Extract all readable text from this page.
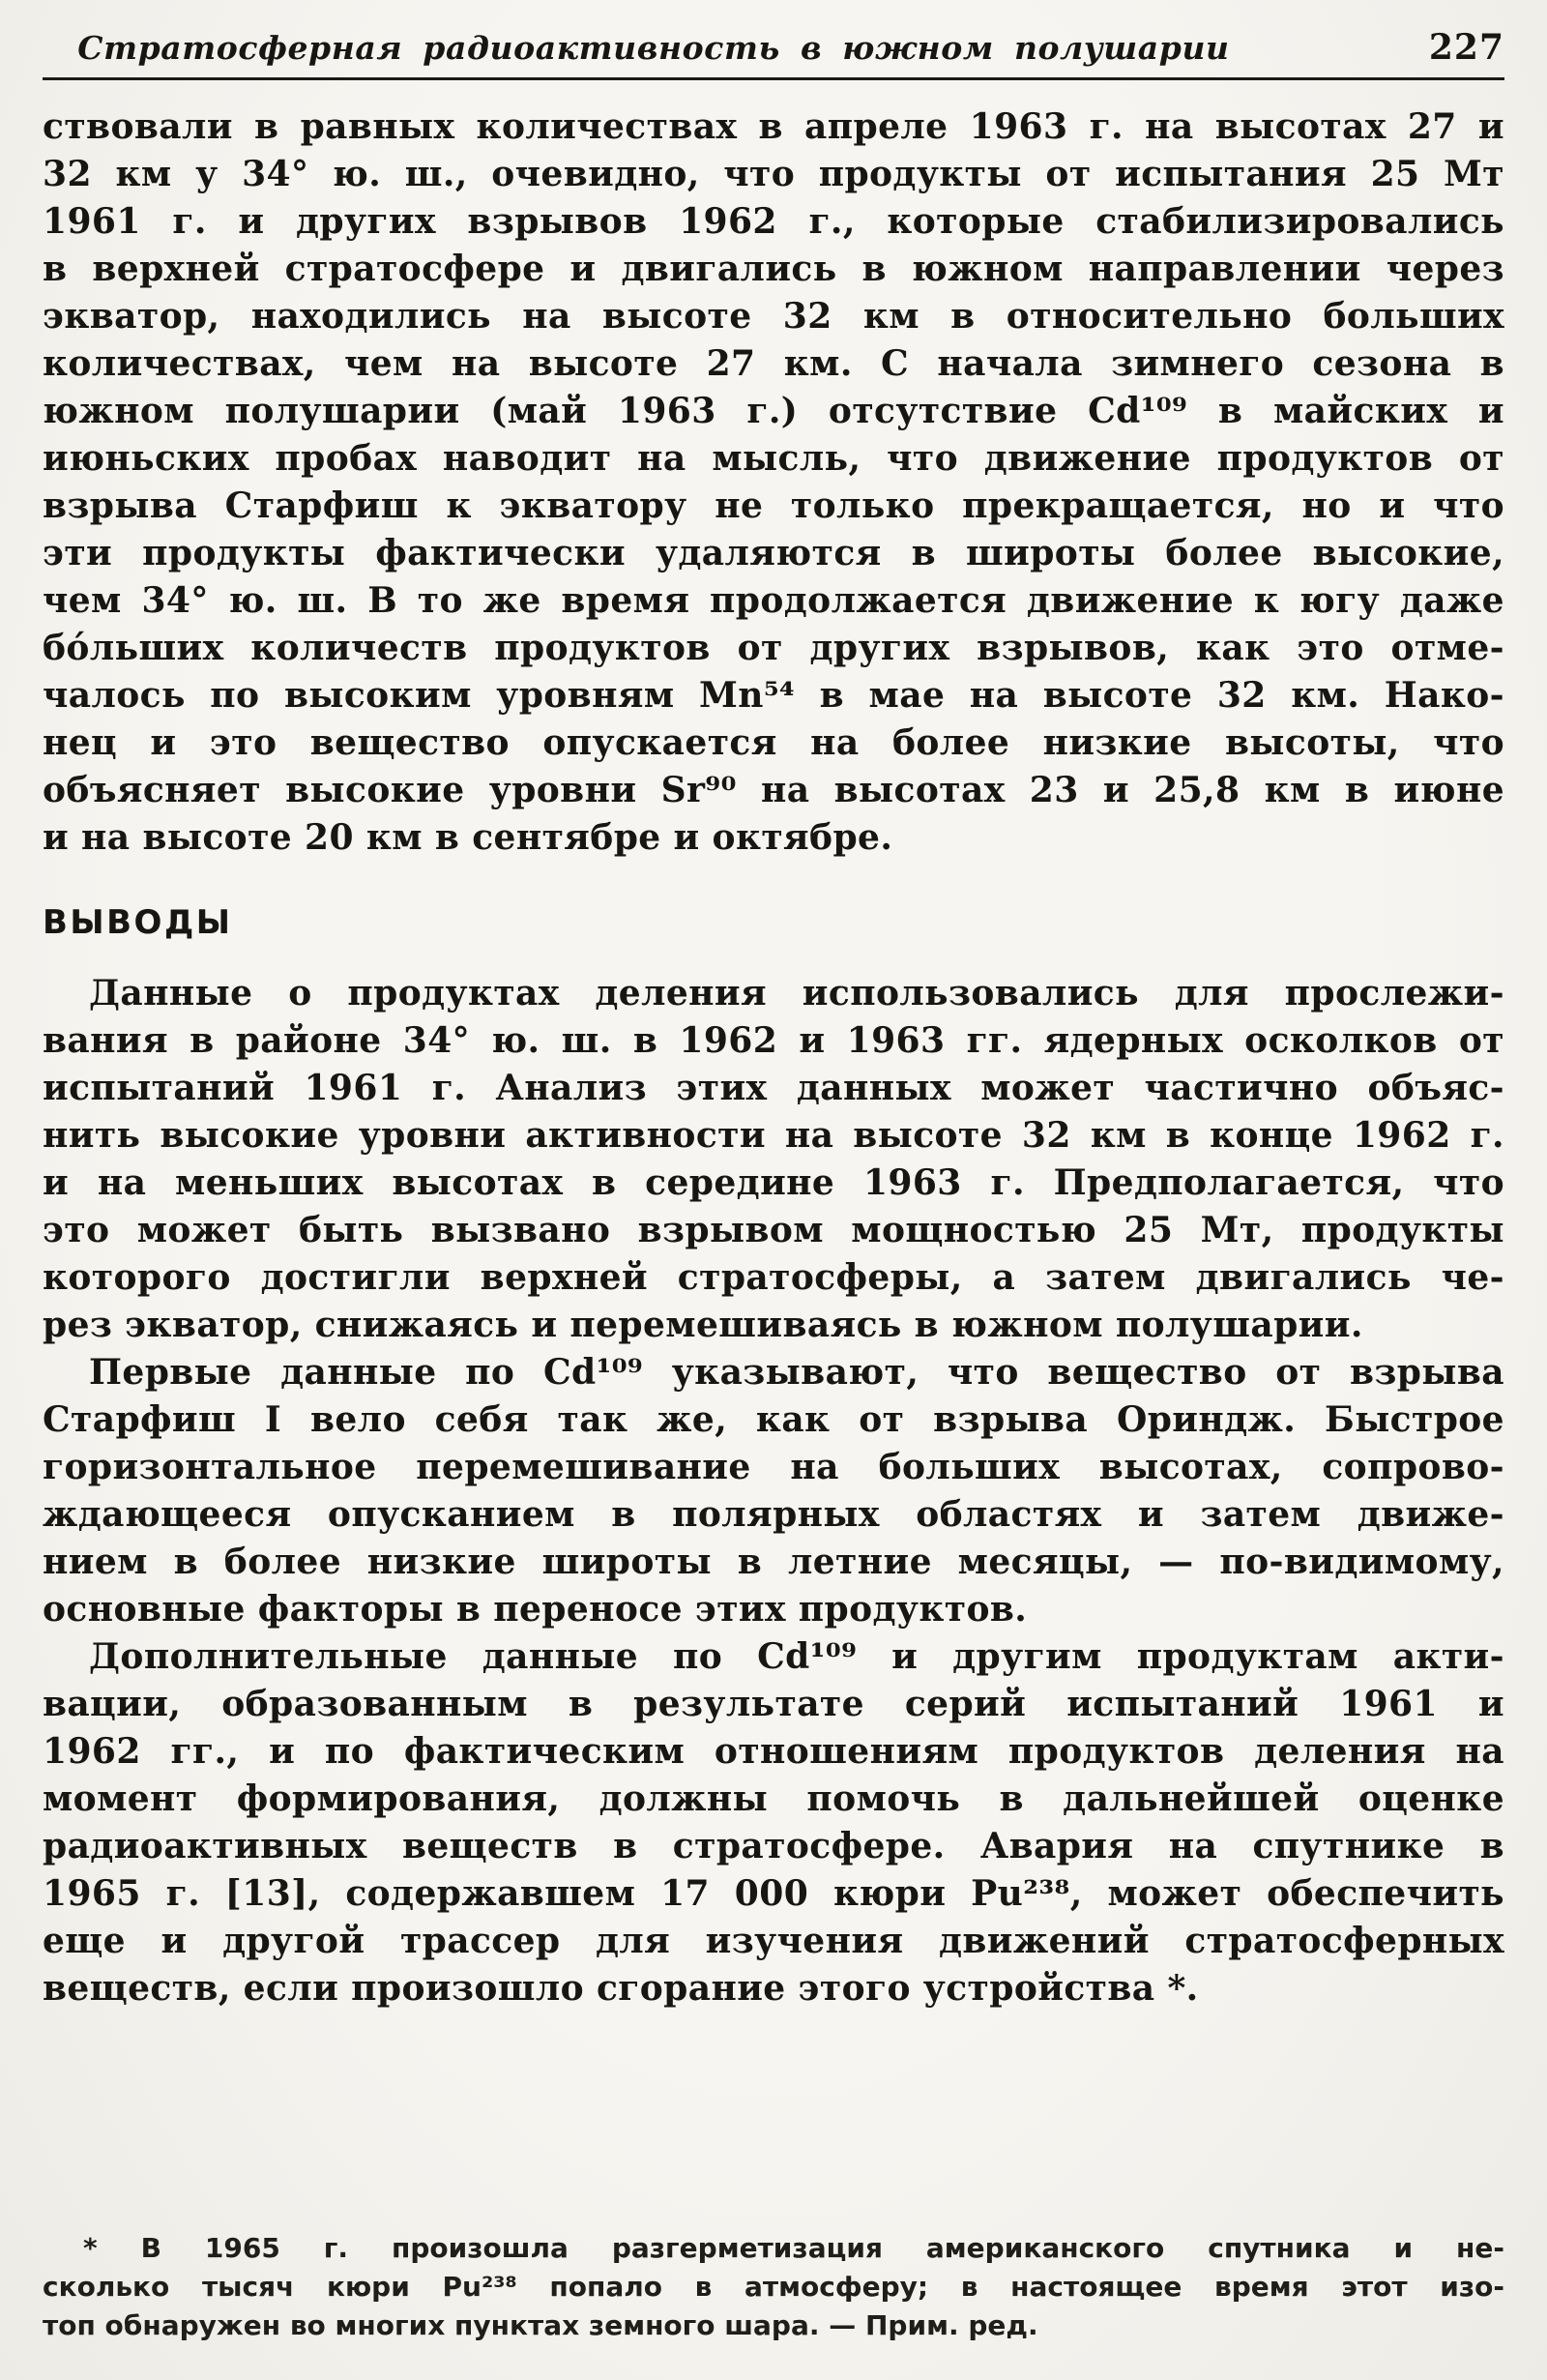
Стратосферная радиоактивность в южном полушарии	227
ствовали в равных количествах в апреле 1963 г. на высотах 27 и
32 км у 34° ю. ш., очевидно, что продукты от испытания 25 Мт
1961 г. и других взрывов 1962 г., которые стабилизировались
в верхней стратосфере и двигались в южном направлении через
экватор, находились на высоте 32 км в относительно больших
количествах, чем на высоте 27 км. С начала зимнего сезона в
южном полушарии (май 1963 г.) отсутствие Cd¹⁰⁹ в майских и
июньских пробах наводит на мысль, что движение продуктов от
взрыва Старфиш к экватору не только прекращается, но и что
эти продукты фактически удаляются в широты более высокие,
чем 34° ю. ш. В то же время продолжается движение к югу даже
бо́льших количеств продуктов от других взрывов, как это отме-
чалось по высоким уровням Mn⁵⁴ в мае на высоте 32 км. Нако-
нец и это вещество опускается на более низкие высоты, что
объясняет высокие уровни Sr⁹⁰ на высотах 23 и 25,8 км в июне
и на высоте 20 км в сентябре и октябре.
ВЫВОДЫ
Данные о продуктах деления использовались для прослежи-
вания в районе 34° ю. ш. в 1962 и 1963 гг. ядерных осколков от
испытаний 1961 г. Анализ этих данных может частично объяс-
нить высокие уровни активности на высоте 32 км в конце 1962 г.
и на меньших высотах в середине 1963 г. Предполагается, что
это может быть вызвано взрывом мощностью 25 Мт, продукты
которого достигли верхней стратосферы, а затем двигались че-
рез экватор, снижаясь и перемешиваясь в южном полушарии.
Первые данные по Cd¹⁰⁹ указывают, что вещество от взрыва
Старфиш I вело себя так же, как от взрыва Ориндж. Быстрое
горизонтальное перемешивание на больших высотах, сопрово-
ждающееся опусканием в полярных областях и затем движе-
нием в более низкие широты в летние месяцы, — по-видимому,
основные факторы в переносе этих продуктов.
Дополнительные данные по Cd¹⁰⁹ и другим продуктам акти-
вации, образованным в результате серий испытаний 1961 и
1962 гг., и по фактическим отношениям продуктов деления на
момент формирования, должны помочь в дальнейшей оценке
радиоактивных веществ в стратосфере. Авария на спутнике в
1965 г. [13], содержавшем 17 000 кюри Pu²³⁸, может обеспечить
еще и другой трассер для изучения движений стратосферных
веществ, если произошло сгорание этого устройства *.
* В 1965 г. произошла разгерметизация американского спутника и не-
сколько тысяч кюри Pu²³⁸ попало в атмосферу; в настоящее время этот изо-
топ обнаружен во многих пунктах земного шара. — Прим. ред.
